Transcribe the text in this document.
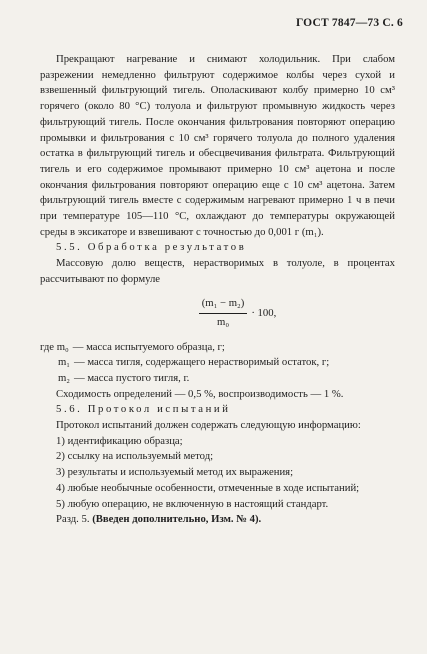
ГОСТ 7847—73 С. 6

Прекращают нагревание и снимают холодильник. При слабом разрежении немедленно фильтруют содержимое колбы через сухой и взвешенный фильтрующий тигель. Ополаскивают колбу примерно 10 см³ горячего (около 80 °С) толуола и фильтруют промывную жидкость через фильтрующий тигель. После окончания фильтрования повторяют операцию промывки и фильтрования с 10 см³ горячего толуола до полного удаления остатка в фильтрующий тигель и обесцвечивания фильтрата. Фильтрующий тигель и его содержимое промывают примерно 10 см³ ацетона и после окончания фильтрования повторяют операцию еще с 10 см³ ацетона. Затем фильтрующий тигель вместе с содержимым нагревают примерно 1 ч в печи при температуре 105—110 °С, охлаждают до температуры окружающей среды в эксикаторе и взвешивают с точностью до 0,001 г (m₁).

5.5. Обработка результатов

Массовую долю веществ, нерастворимых в толуоле, в процентах рассчитывают по формуле

$\frac{\text{(m₁ − m₂)}}{\text{m₀}} \cdot 100$,
где m₀ — масса испытуемого образца, г;
m₁ — масса тигля, содержащего нерастворимый остаток, г;
m₂ — масса пустого тигля, г.

Сходимость определений — 0,5 %, воспроизводимость — 1 %.

5.6. Протокол испытаний

Протокол испытаний должен содержать следующую информацию:

1) идентификацию образца;

2) ссылку на используемый метод;

3) результаты и используемый метод их выражения;

4) любые необычные особенности, отмеченные в ходе испытаний;

5) любую операцию, не включенную в настоящий стандарт.

Разд. 5. (Введен дополнительно, Изм. № 4).
